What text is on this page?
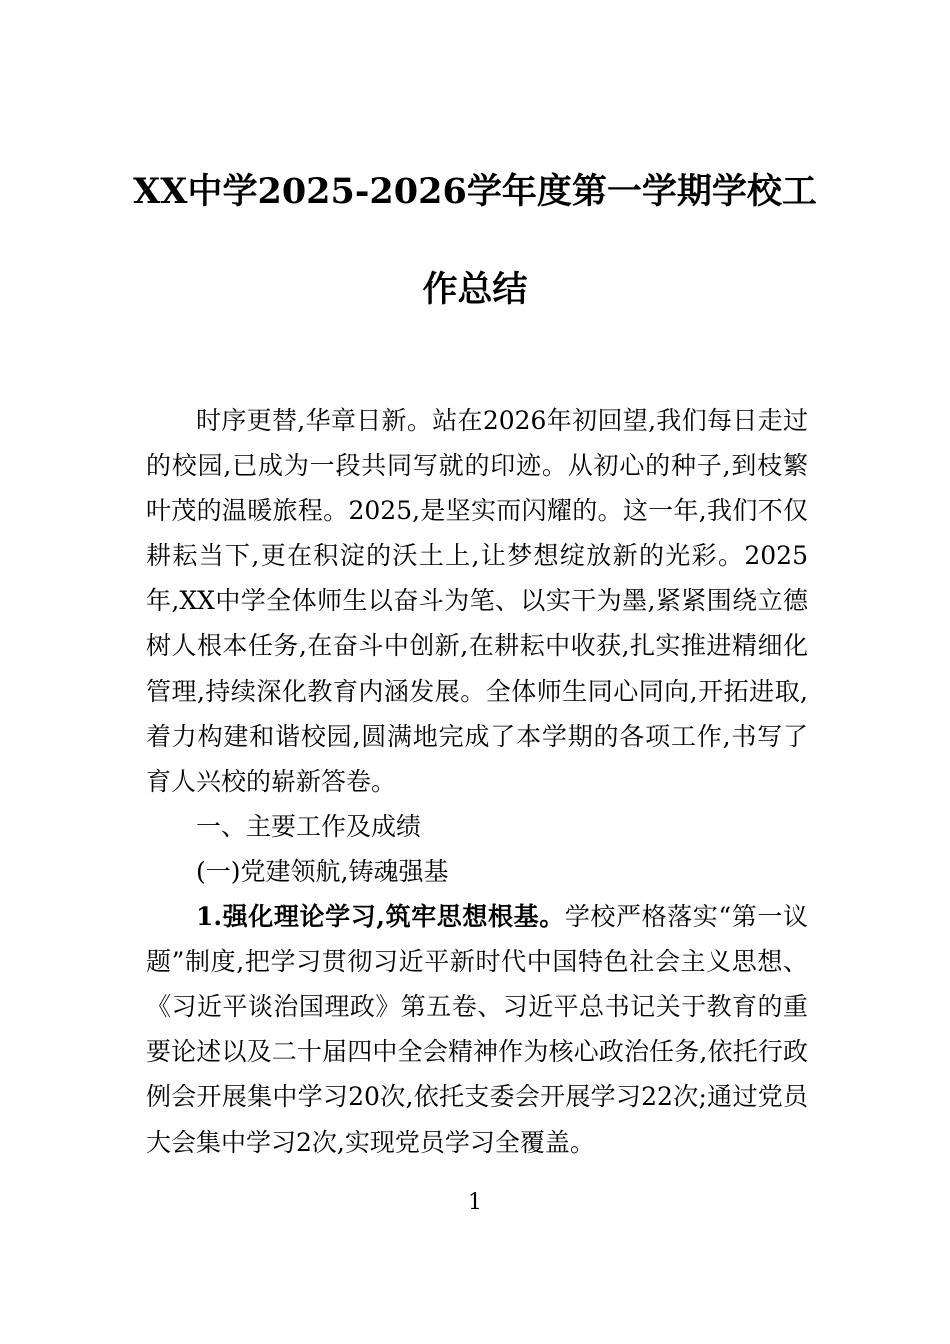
XX中学2025-2026学年度第一学期学校工
作总结

时序更替,华章日新。站在2026年初回望,我们每日走过的校园,已成为一段共同写就的印迹。从初心的种子,到枝繁叶茂的温暖旅程。2025,是坚实而闪耀的。这一年,我们不仅耕耘当下,更在积淀的沃土上,让梦想绽放新的光彩。2025年,XX中学全体师生以奋斗为笔、以实干为墨,紧紧围绕立德树人根本任务,在奋斗中创新,在耕耘中收获,扎实推进精细化管理,持续深化教育内涵发展。全体师生同心同向,开拓进取,着力构建和谐校园,圆满地完成了本学期的各项工作,书写了育人兴校的崭新答卷。

一、主要工作及成绩

(一)党建领航,铸魂强基

1.强化理论学习,筑牢思想根基。学校严格落实“第一议题”制度,把学习贯彻习近平新时代中国特色社会主义思想、《习近平谈治国理政》第五卷、习近平总书记关于教育的重要论述以及二十届四中全会精神作为核心政治任务,依托行政例会开展集中学习20次,依托支委会开展学习22次;通过党员大会集中学习2次,实现党员学习全覆盖。

1
